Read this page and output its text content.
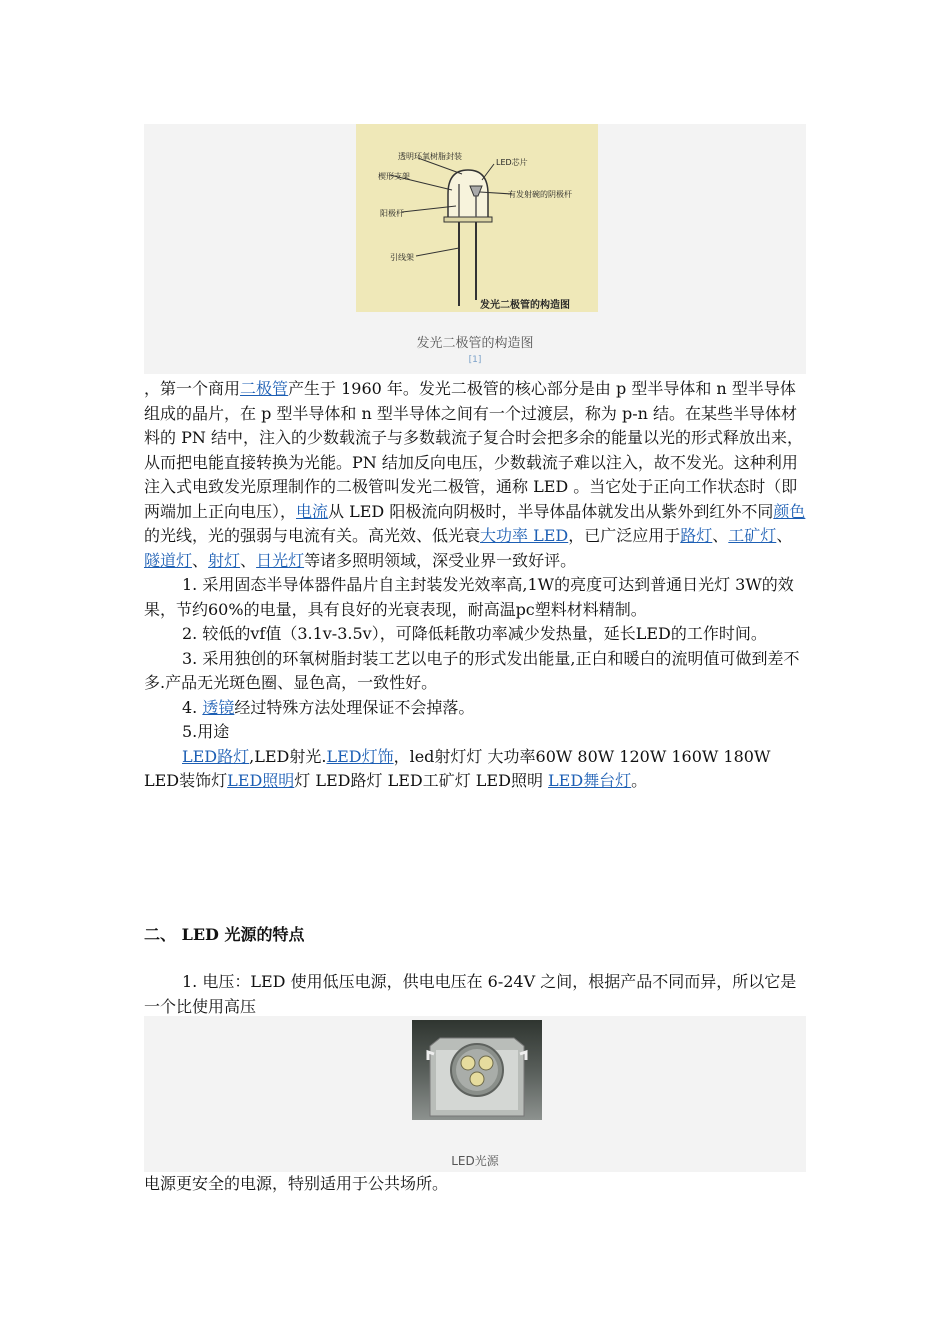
透明环氧树脂封装
LED芯片
楔形支架
有发射碗的阴极杆
阳极杆
引线架
发光二极管的构造图
发光二极管的构造图
[1]

，第一个商用二极管产生于 1960 年。发光二极管的核心部分是由 p 型半导体和 n 型半导体组成的晶片，在 p 型半导体和 n 型半导体之间有一个过渡层，称为 p-n 结。在某些半导体材料的 PN 结中，注入的少数载流子与多数载流子复合时会把多余的能量以光的形式释放出来，从而把电能直接转换为光能。PN 结加反向电压，少数载流子难以注入，故不发光。这种利用注入式电致发光原理制作的二极管叫发光二极管，通称 LED 。当它处于正向工作状态时（即两端加上正向电压），电流从 LED 阳极流向阴极时，半导体晶体就发出从紫外到红外不同颜色的光线，光的强弱与电流有关。高光效、低光衰大功率 LED，已广泛应用于路灯、工矿灯、隧道灯、射灯、日光灯等诸多照明领域，深受业界一致好评。

1. 采用固态半导体器件晶片自主封装发光效率高,1W的亮度可达到普通日光灯 3W的效果，节约60%的电量，具有良好的光衰表现，耐高温pc塑料材料精制。

2. 较低的vf值（3.1v-3.5v），可降低耗散功率减少发热量，延长LED的工作时间。

3. 采用独创的环氧树脂封装工艺以电子的形式发出能量,正白和暖白的流明值可做到差不多.产品无光斑色圈、显色高，一致性好。

4. 透镜经过特殊方法处理保证不会掉落。

5.用途

LED路灯,LED射光.LED灯饰，led射灯灯 大功率60W 80W 120W 160W 180W LED装饰灯LED照明灯 LED路灯 LED工矿灯 LED照明 LED舞台灯。

二、 LED 光源的特点
1. 电压：LED 使用低压电源，供电电压在 6-24V 之间，根据产品不同而异，所以它是一个比使用高压
LED光源
电源更安全的电源，特别适用于公共场所。
